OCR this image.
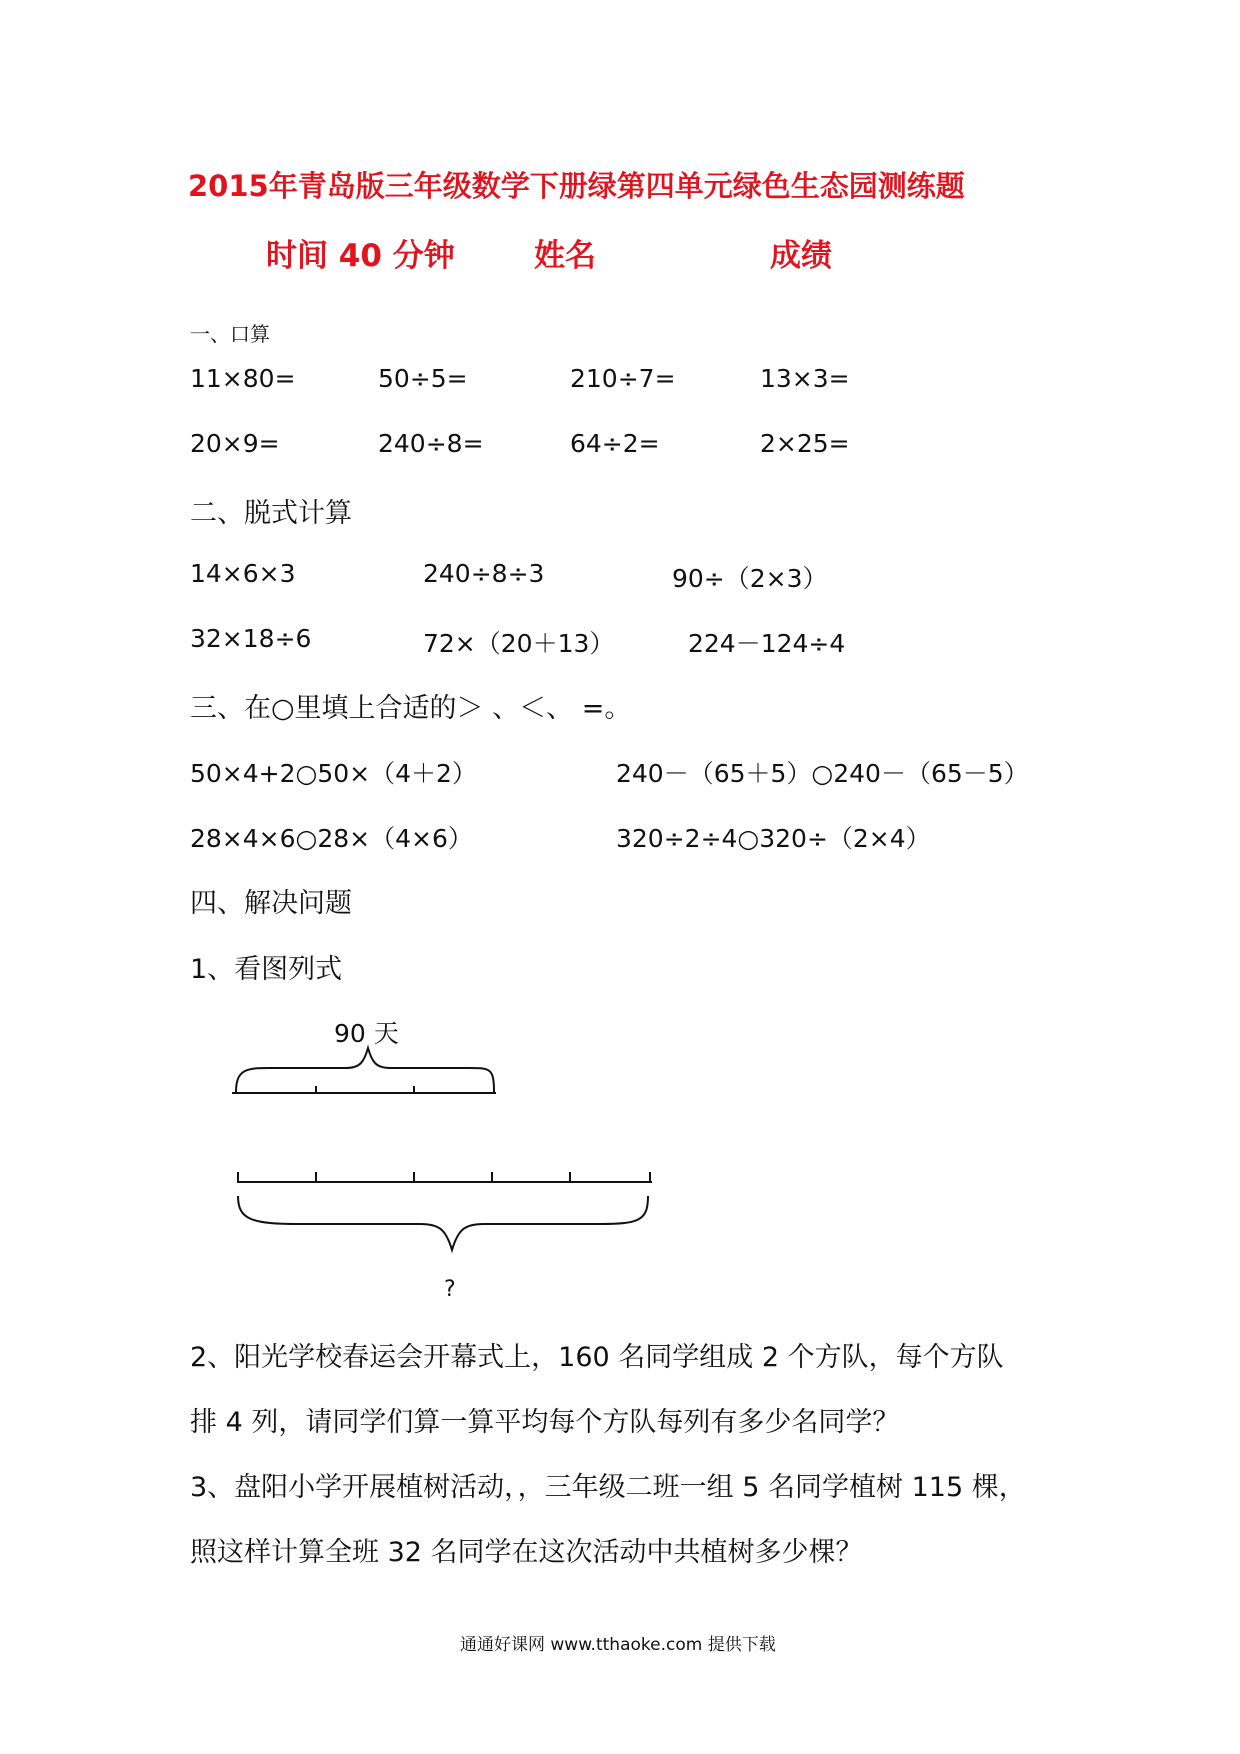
2015年青岛版三年级数学下册绿第四单元绿色生态园测练题
时间 40 分钟	姓名	成绩
一、口算
11×80=	50÷5=	210÷7=	13×3=
20×9=	240÷8=	64÷2=	2×25=
二、脱式计算
14×6×3	240÷8÷3	90÷（2×3）
32×18÷6	72×（20＋13）	224－124÷4
三、在○里填上合适的＞ 、＜、 =。
50×4+2○50×（4＋2）	240－（65＋5）○240－（65－5）
28×4×6○28×（4×6）	320÷2÷4○320÷（2×4）
四、解决问题
1、看图列式
90 天
?
2、阳光学校春运会开幕式上，160 名同学组成 2 个方队，每个方队
排 4 列，请同学们算一算平均每个方队每列有多少名同学？
3、盘阳小学开展植树活动，，三年级二班一组 5 名同学植树 115 棵，
照这样计算全班 32 名同学在这次活动中共植树多少棵？
通通好课网 www.tthaoke.com 提供下载
